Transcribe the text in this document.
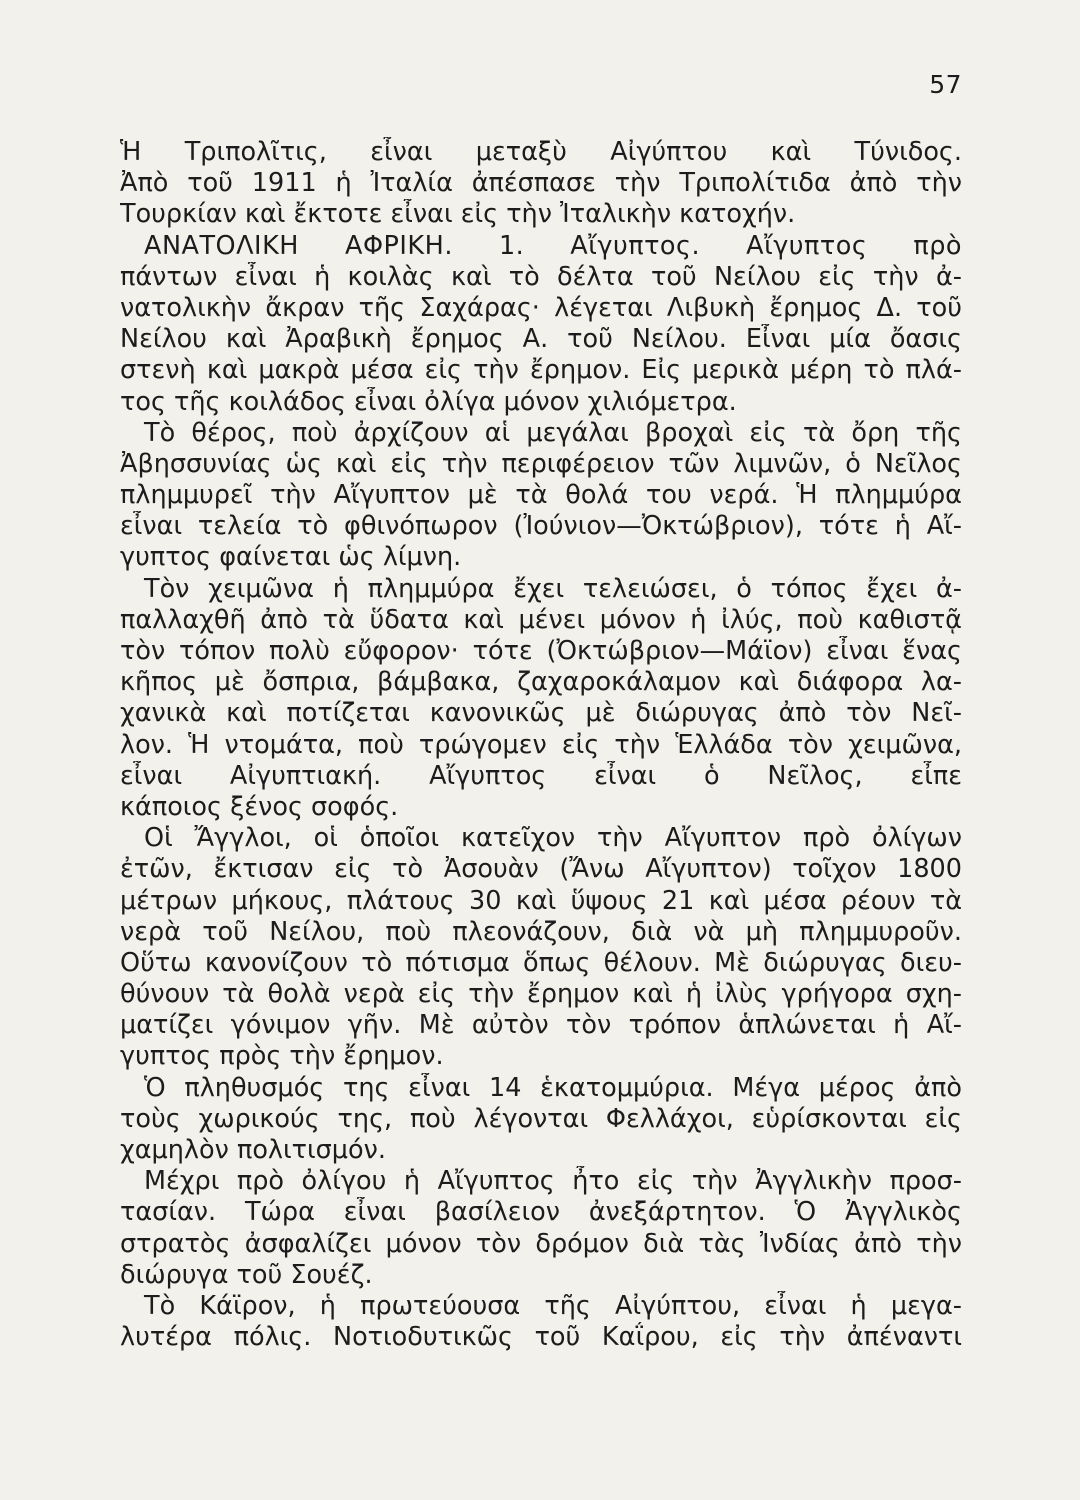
57
Ἡ Τριπολῖτις, εἶναι μεταξὺ Αἰγύπτου καὶ Τύνιδος.
Ἀπὸ τοῦ 1911 ἡ Ἰταλία ἀπέσπασε τὴν Τριπολίτιδα ἀπὸ τὴν
Τουρκίαν καὶ ἔκτοτε εἶναι εἰς τὴν Ἰταλικὴν κατοχήν.
ΑΝΑΤΟΛΙΚΗ ΑΦΡΙΚΗ. 1. Αἴγυπτος. Αἴγυπτος πρὸ
πάντων εἶναι ἡ κοιλὰς καὶ τὸ δέλτα τοῦ Νείλου εἰς τὴν ἀ-
νατολικὴν ἄκραν τῆς Σαχάρας· λέγεται Λιβυκὴ ἔρημος Δ. τοῦ
Νείλου καὶ Ἀραβικὴ ἔρημος Α. τοῦ Νείλου. Εἶναι μία ὄασις
στενὴ καὶ μακρὰ μέσα εἰς τὴν ἔρημον. Εἰς μερικὰ μέρη τὸ πλά-
τος τῆς κοιλάδος εἶναι ὀλίγα μόνον χιλιόμετρα.
Τὸ θέρος, ποὺ ἀρχίζουν αἱ μεγάλαι βροχαὶ εἰς τὰ ὄρη τῆς
Ἀβησσυνίας ὡς καὶ εἰς τὴν περιφέρειον τῶν λιμνῶν, ὁ Νεῖλος
πλημμυρεῖ τὴν Αἴγυπτον μὲ τὰ θολά του νερά. Ἡ πλημμύρα
εἶναι τελεία τὸ φθινόπωρον (Ἰούνιον—Ὀκτώβριον), τότε ἡ Αἴ-
γυπτος φαίνεται ὡς λίμνη.
Τὸν χειμῶνα ἡ πλημμύρα ἔχει τελειώσει, ὁ τόπος ἔχει ἀ-
παλλαχθῆ ἀπὸ τὰ ὕδατα καὶ μένει μόνον ἡ ἰλύς, ποὺ καθιστᾷ
τὸν τόπον πολὺ εὔφορον· τότε (Ὀκτώβριον—Μάϊον) εἶναι ἕνας
κῆπος μὲ ὄσπρια, βάμβακα, ζαχαροκάλαμον καὶ διάφορα λα-
χανικὰ καὶ ποτίζεται κανονικῶς μὲ διώρυγας ἀπὸ τὸν Νεῖ-
λον. Ἡ ντομάτα, ποὺ τρώγομεν εἰς τὴν Ἑλλάδα τὸν χειμῶνα,
εἶναι Αἰγυπτιακή. Αἴγυπτος εἶναι ὁ Νεῖλος, εἶπε
κάποιος ξένος σοφός.
Οἱ Ἄγγλοι, οἱ ὁποῖοι κατεῖχον τὴν Αἴγυπτον πρὸ ὀλίγων
ἐτῶν, ἔκτισαν εἰς τὸ Ἀσουὰν (Ἄνω Αἴγυπτον) τοῖχον 1800
μέτρων μήκους, πλάτους 30 καὶ ὕψους 21 καὶ μέσα ρέουν τὰ
νερὰ τοῦ Νείλου, ποὺ πλεονάζουν, διὰ νὰ μὴ πλημμυροῦν.
Οὕτω κανονίζουν τὸ πότισμα ὅπως θέλουν. Μὲ διώρυγας διευ-
θύνουν τὰ θολὰ νερὰ εἰς τὴν ἔρημον καὶ ἡ ἰλὺς γρήγορα σχη-
ματίζει γόνιμον γῆν. Μὲ αὐτὸν τὸν τρόπον ἁπλώνεται ἡ Αἴ-
γυπτος πρὸς τὴν ἔρημον.
Ὁ πληθυσμός της εἶναι 14 ἑκατομμύρια. Μέγα μέρος ἀπὸ
τοὺς χωρικούς της, ποὺ λέγονται Φελλάχοι, εὑρίσκονται εἰς
χαμηλὸν πολιτισμόν.
Μέχρι πρὸ ὀλίγου ἡ Αἴγυπτος ἦτο εἰς τὴν Ἀγγλικὴν προσ-
τασίαν. Τώρα εἶναι βασίλειον ἀνεξάρτητον. Ὁ Ἀγγλικὸς
στρατὸς ἀσφαλίζει μόνον τὸν δρόμον διὰ τὰς Ἰνδίας ἀπὸ τὴν
διώρυγα τοῦ Σουέζ.
Τὸ Κάϊρον, ἡ πρωτεύουσα τῆς Αἰγύπτου, εἶναι ἡ μεγα-
λυτέρα πόλις. Νοτιοδυτικῶς τοῦ Καΐρου, εἰς τὴν ἀπέναντι
